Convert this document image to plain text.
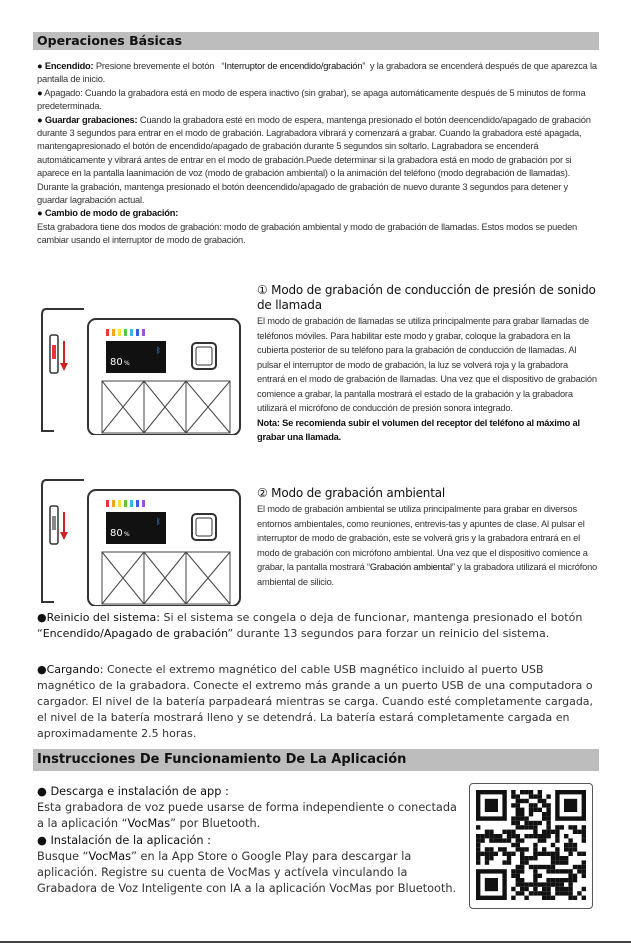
Operaciones Básicas
● Encendido: Presione brevemente el botón   “Interruptor de encendido/grabación”  y la grabadora se encenderá después de que aparezca la pantalla de inicio.
● Apagado: Cuando la grabadora está en modo de espera inactivo (sin grabar), se apaga automáticamente después de 5 minutos de forma predeterminada.
● Guardar grabaciones: Cuando la grabadora esté en modo de espera, mantenga presionado el botón deencendido/apagado de grabación durante 3 segundos para entrar en el modo de grabación. Lagrabadora vibrará y comenzará a grabar. Cuando la grabadora esté apagada, mantengapresionado el botón de encendido/apagado de grabación durante 5 segundos sin soltarlo. Lagrabadora se encenderá automáticamente y vibrará antes de entrar en el modo de grabación.Puede determinar si la grabadora está en modo de grabación por si aparece en la pantalla laanimación de voz (modo de grabación ambiental) o la animación del teléfono (modo degrabación de llamadas). Durante la grabación, mantenga presionado el botón deencendido/apagado de grabación de nuevo durante 3 segundos para detener y guardar lagrabación actual.
● Cambio de modo de grabación:
Esta grabadora tiene dos modos de grabación: modo de grabación ambiental y modo de grabación de llamadas. Estos modos se pueden cambiar usando el interruptor de modo de grabación.
80 %
ᛒ
80 %
ᛒ
① Modo de grabación de conducción de presión de sonido de llamada
El modo de grabación de llamadas se utiliza principalmente para grabar llamadas de teléfonos móviles. Para habilitar este modo y grabar, coloque la grabadora en la cubierta posterior de su teléfono para la grabación de conducción de llamadas. Al pulsar el interruptor de modo de grabación, la luz se volverá roja y la grabadora entrará en el modo de grabación de llamadas. Una vez que el dispositivo de grabación comience a grabar, la pantalla mostrará el estado de la grabación y la grabadora utilizará el micrófono de conducción de presión sonora integrado.
Nota: Se recomienda subir el volumen del receptor del teléfono al máximo al grabar una llamada.
② Modo de grabación ambiental
El modo de grabación ambiental se utiliza principalmente para grabar en diversos entornos ambientales, como reuniones, entrevis-tas y apuntes de clase. Al pulsar el interruptor de modo de grabación, este se volverá gris y la grabadora entrará en el modo de grabación con micrófono ambiental. Una vez que el dispositivo comience a grabar, la pantalla mostrará “Grabación ambiental” y la grabadora utilizará el micrófono ambiental de silicio.
●Reinicio del sistema: Si el sistema se congela o deja de funcionar, mantenga presionado el botón “Encendido/Apagado de grabación” durante 13 segundos para forzar un reinicio del sistema.
●Cargando: Conecte el extremo magnético del cable USB magnético incluido al puerto USB magnético de la grabadora. Conecte el extremo más grande a un puerto USB de una computadora o cargador. El nivel de la batería parpadeará mientras se carga. Cuando esté completamente cargada, el nivel de la batería mostrará lleno y se detendrá. La batería estará completamente cargada en aproximadamente 2.5 horas.
Instrucciones De Funcionamiento De La Aplicación
● Descarga e instalación de app :
Esta grabadora de voz puede usarse de forma independiente o conectada a la aplicación “VocMas” por Bluetooth.
● Instalación de la aplicación :
Busque “VocMas” en la App Store o Google Play para descargar la aplicación. Registre su cuenta de VocMas y actívela vinculando la Grabadora de Voz Inteligente con IA a la aplicación VocMas por Bluetooth.
